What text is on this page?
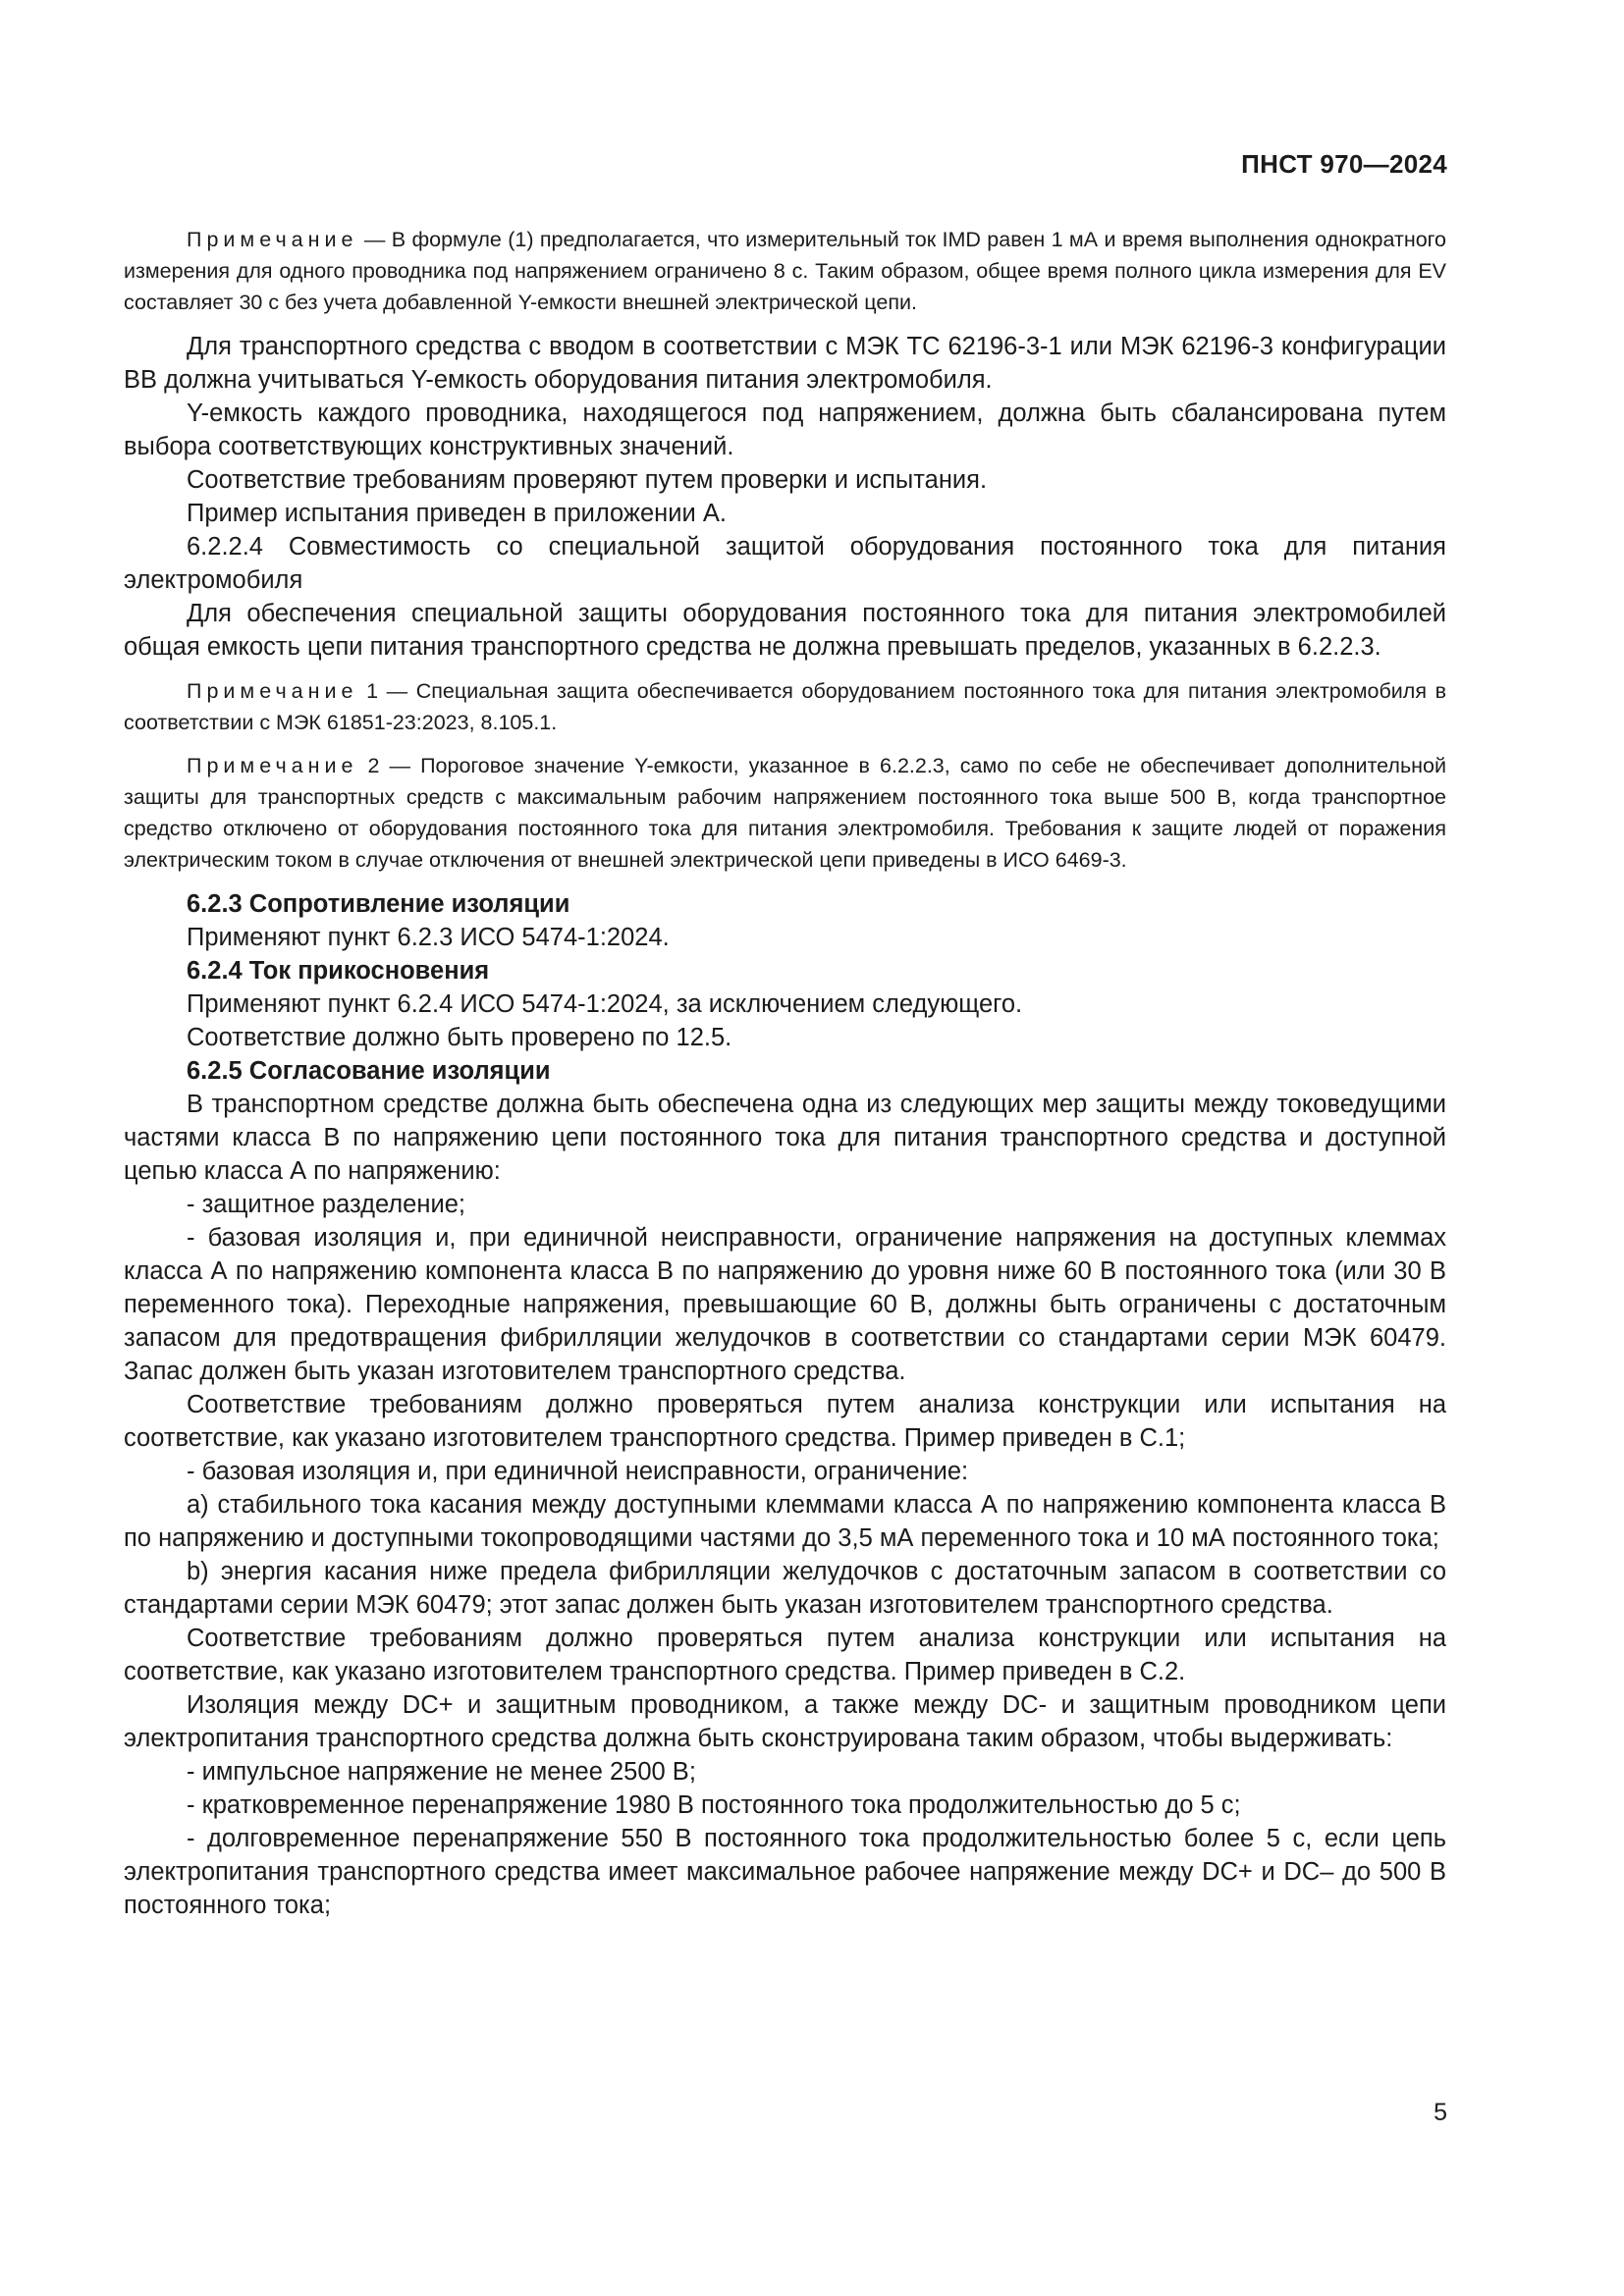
ПНСТ 970—2024

Примечание — В формуле (1) предполагается, что измерительный ток IMD равен 1 мА и время выполнения однократного измерения для одного проводника под напряжением ограничено 8 с. Таким образом, общее время полного цикла измерения для EV составляет 30 с без учета добавленной Y-емкости внешней электрической цепи.

Для транспортного средства с вводом в соответствии с МЭК ТС 62196-3-1 или МЭК 62196-3 конфигурации BB должна учитываться Y-емкость оборудования питания электромобиля.

Y-емкость каждого проводника, находящегося под напряжением, должна быть сбалансирована путем выбора соответствующих конструктивных значений.

Соответствие требованиям проверяют путем проверки и испытания.

Пример испытания приведен в приложении А.

6.2.2.4 Совместимость со специальной защитой оборудования постоянного тока для питания электромобиля

Для обеспечения специальной защиты оборудования постоянного тока для питания электромобилей общая емкость цепи питания транспортного средства не должна превышать пределов, указанных в 6.2.2.3.

Примечание 1 — Специальная защита обеспечивается оборудованием постоянного тока для питания электромобиля в соответствии с МЭК 61851-23:2023, 8.105.1.

Примечание 2 — Пороговое значение Y-емкости, указанное в 6.2.2.3, само по себе не обеспечивает дополнительной защиты для транспортных средств с максимальным рабочим напряжением постоянного тока выше 500 В, когда транспортное средство отключено от оборудования постоянного тока для питания электромобиля. Требования к защите людей от поражения электрическим током в случае отключения от внешней электрической цепи приведены в ИСО 6469-3.

6.2.3 Сопротивление изоляции

Применяют пункт 6.2.3 ИСО 5474-1:2024.

6.2.4 Ток прикосновения

Применяют пункт 6.2.4 ИСО 5474-1:2024, за исключением следующего.

Соответствие должно быть проверено по 12.5.

6.2.5 Согласование изоляции

В транспортном средстве должна быть обеспечена одна из следующих мер защиты между токоведущими частями класса В по напряжению цепи постоянного тока для питания транспортного средства и доступной цепью класса А по напряжению:

- защитное разделение;

- базовая изоляция и, при единичной неисправности, ограничение напряжения на доступных клеммах класса А по напряжению компонента класса В по напряжению до уровня ниже 60 В постоянного тока (или 30 В переменного тока). Переходные напряжения, превышающие 60 В, должны быть ограничены с достаточным запасом для предотвращения фибрилляции желудочков в соответствии со стандартами серии МЭК 60479. Запас должен быть указан изготовителем транспортного средства.

Соответствие требованиям должно проверяться путем анализа конструкции или испытания на соответствие, как указано изготовителем транспортного средства. Пример приведен в С.1;

- базовая изоляция и, при единичной неисправности, ограничение:

a) стабильного тока касания между доступными клеммами класса А по напряжению компонента класса В по напряжению и доступными токопроводящими частями до 3,5 мА переменного тока и 10 мА постоянного тока;

b) энергия касания ниже предела фибрилляции желудочков с достаточным запасом в соответствии со стандартами серии МЭК 60479; этот запас должен быть указан изготовителем транспортного средства.

Соответствие требованиям должно проверяться путем анализа конструкции или испытания на соответствие, как указано изготовителем транспортного средства. Пример приведен в С.2.

Изоляция между DC+ и защитным проводником, а также между DC- и защитным проводником цепи электропитания транспортного средства должна быть сконструирована таким образом, чтобы выдерживать:

- импульсное напряжение не менее 2500 В;

- кратковременное перенапряжение 1980 В постоянного тока продолжительностью до 5 с;

- долговременное перенапряжение 550 В постоянного тока продолжительностью более 5 с, если цепь электропитания транспортного средства имеет максимальное рабочее напряжение между DC+ и DC– до 500 В постоянного тока;

5
